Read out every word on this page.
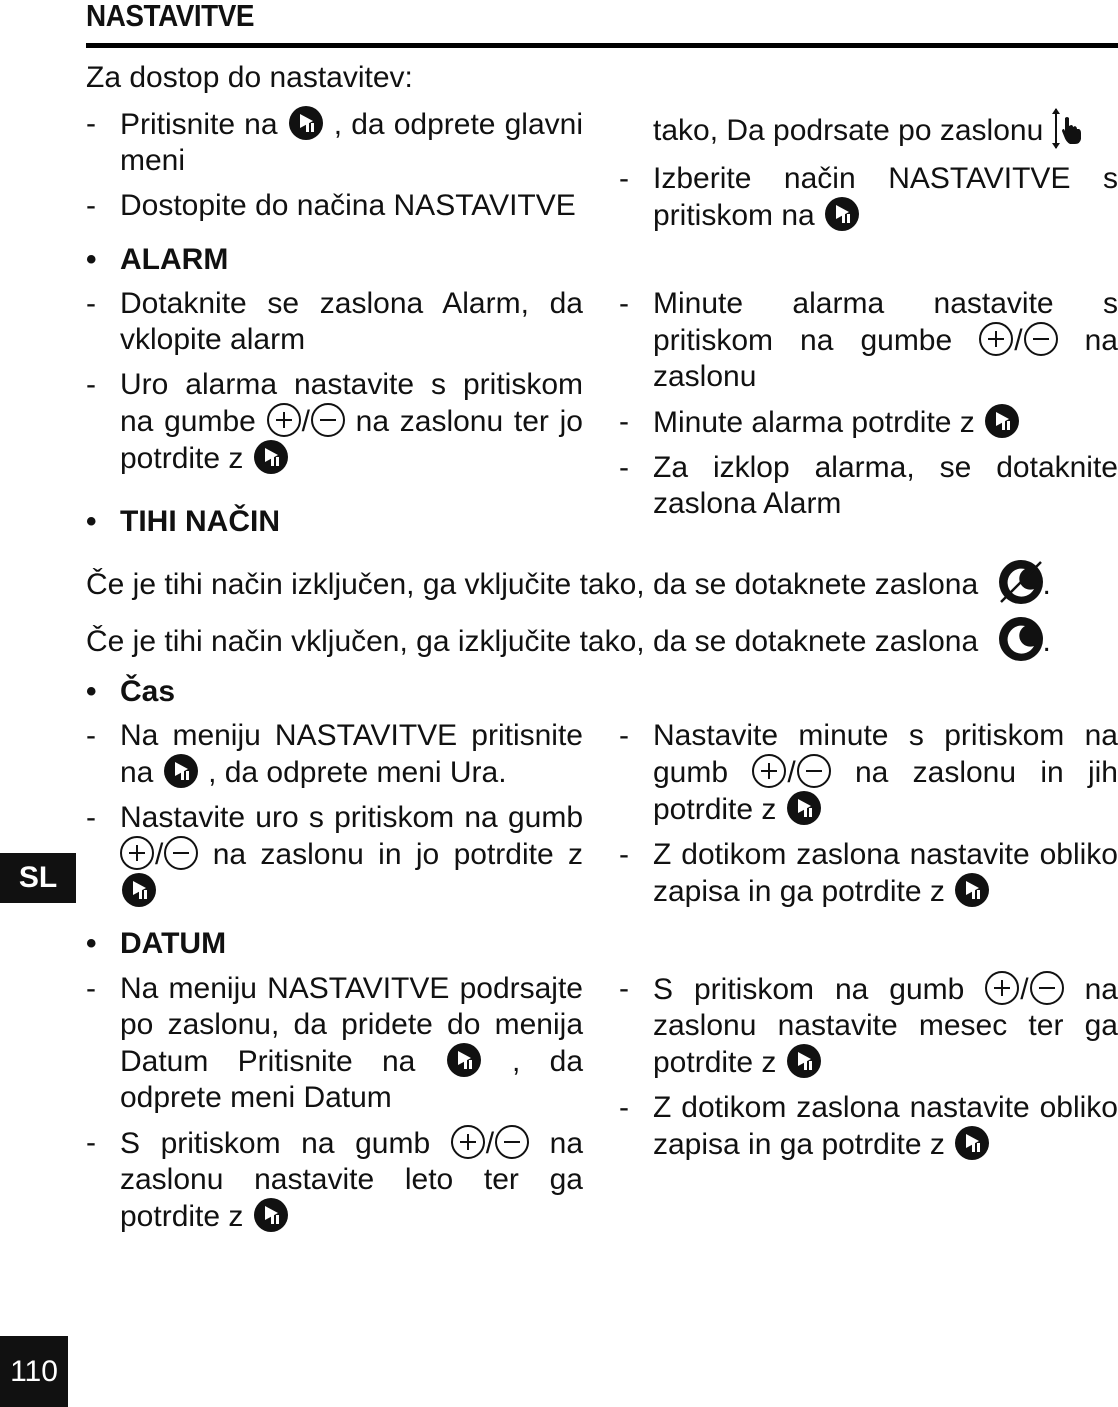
NASTAVITVE
Za dostop do nastavitev:
- Pritisnite na , da odprete glavni meni
- Dostopite do načina NASTAVITVE
tako, Da podrsate po zaslonu
- Izberite način NASTAVITVE s pritiskom na
• ALARM
- Dotaknite se zaslona Alarm, da vklopite alarm
- Uro alarma nastavite s pritiskom na gumbe / na zaslonu ter jo potrdite z
- Minute alarma nastavite s pritiskom na gumbe / na zaslonu
- Minute alarma potrdite z
- Za izklop alarma, se dotaknite zaslona Alarm
• TIHI NAČIN
Če je tihi način izključen, ga vključite tako, da se dotaknete zaslona .
Če je tihi način vključen, ga izključite tako, da se dotaknete zaslona .
• Čas
- Na meniju NASTAVITVE pritisnite na , da odprete meni Ura.
- Nastavite uro s pritiskom na gumb
/ na zaslonu in jo potrdite z
- Nastavite minute s pritiskom na gumb / na zaslonu in jih potrdite z
- Z dotikom zaslona nastavite obliko zapisa in ga potrdite z
• DATUM
- Na meniju NASTAVITVE podrsajte po zaslonu, da pridete do menija Datum Pritisnite na	, da odprete meni Datum
- S pritiskom na gumb / na zaslonu nastavite leto ter ga potrdite z
- S pritiskom na gumb / na zaslonu nastavite mesec ter ga potrdite z
- Z dotikom zaslona nastavite obliko zapisa in ga potrdite z
SL
110
